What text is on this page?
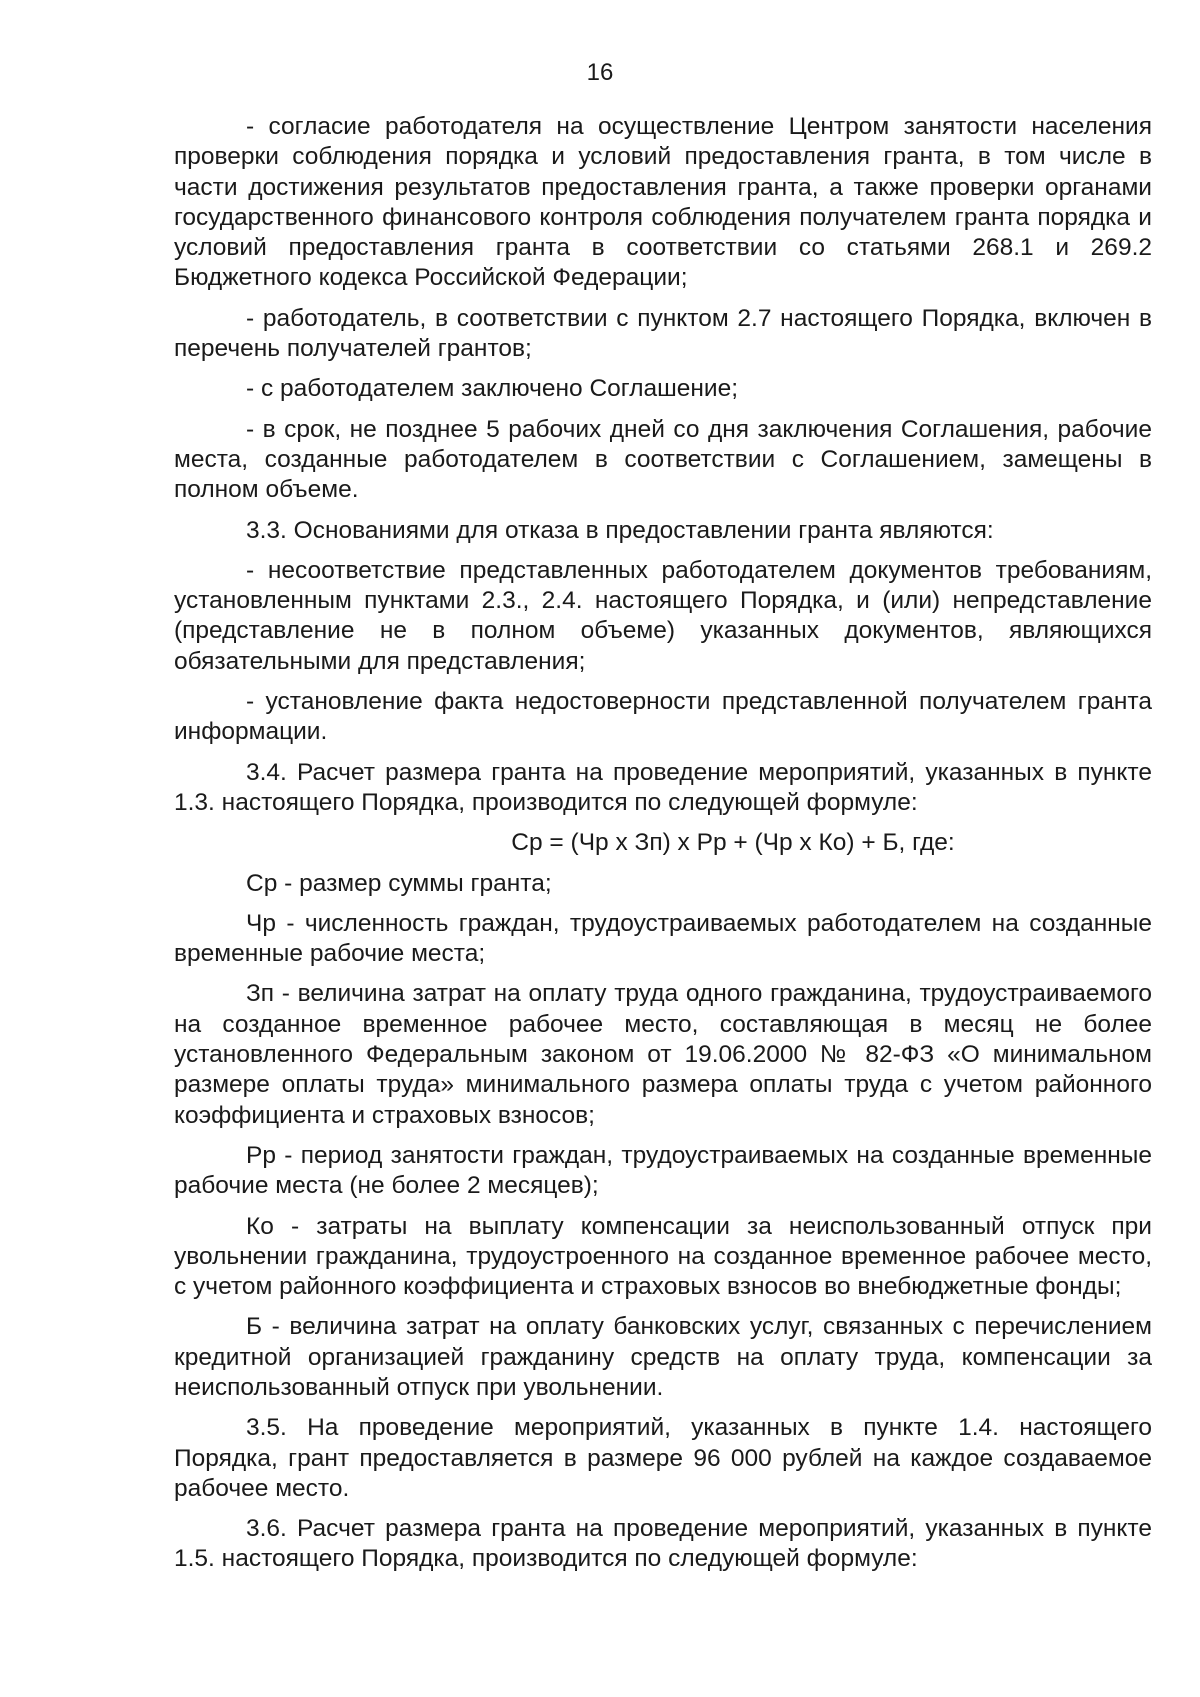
16

- согласие работодателя на осуществление Центром занятости населения проверки соблюдения порядка и условий предоставления гранта, в том числе в части достижения результатов предоставления гранта, а также проверки органами государственного финансового контроля соблюдения получателем гранта порядка и условий предоставления гранта в соответствии со статьями 268.1 и 269.2 Бюджетного кодекса Российской Федерации;

- работодатель, в соответствии с пунктом 2.7 настоящего Порядка, включен в перечень получателей грантов;

- с работодателем заключено Соглашение;

- в срок, не позднее 5 рабочих дней со дня заключения Соглашения, рабочие места, созданные работодателем в соответствии с Соглашением, замещены в полном объеме.

3.3. Основаниями для отказа в предоставлении гранта являются:

- несоответствие представленных работодателем документов требованиям, установленным пунктами 2.3., 2.4. настоящего Порядка, и (или) непредставление (представление не в полном объеме) указанных документов, являющихся обязательными для представления;

- установление факта недостоверности представленной получателем гранта информации.

3.4. Расчет размера гранта на проведение мероприятий, указанных в пункте 1.3. настоящего Порядка, производится по следующей формуле:

Ср = (Чр х Зп) х Рр + (Чр х Ко) + Б, где:

Ср - размер суммы гранта;

Чр - численность граждан, трудоустраиваемых работодателем на созданные временные рабочие места;

Зп - величина затрат на оплату труда одного гражданина, трудоустраиваемого на созданное временное рабочее место, составляющая в месяц не более установленного Федеральным законом от 19.06.2000 № 82-ФЗ «О минимальном размере оплаты труда» минимального размера оплаты труда с учетом районного коэффициента и страховых взносов;

Рр - период занятости граждан, трудоустраиваемых на созданные временные рабочие места (не более 2 месяцев);

Ко - затраты на выплату компенсации за неиспользованный отпуск при увольнении гражданина, трудоустроенного на созданное временное рабочее место, с учетом районного коэффициента и страховых взносов во внебюджетные фонды;

Б - величина затрат на оплату банковских услуг, связанных с перечислением кредитной организацией гражданину средств на оплату труда, компенсации за неиспользованный отпуск при увольнении.

3.5. На проведение мероприятий, указанных в пункте 1.4. настоящего Порядка, грант предоставляется в размере 96 000 рублей на каждое создаваемое рабочее место.

3.6. Расчет размера гранта на проведение мероприятий, указанных в пункте 1.5. настоящего Порядка, производится по следующей формуле:
